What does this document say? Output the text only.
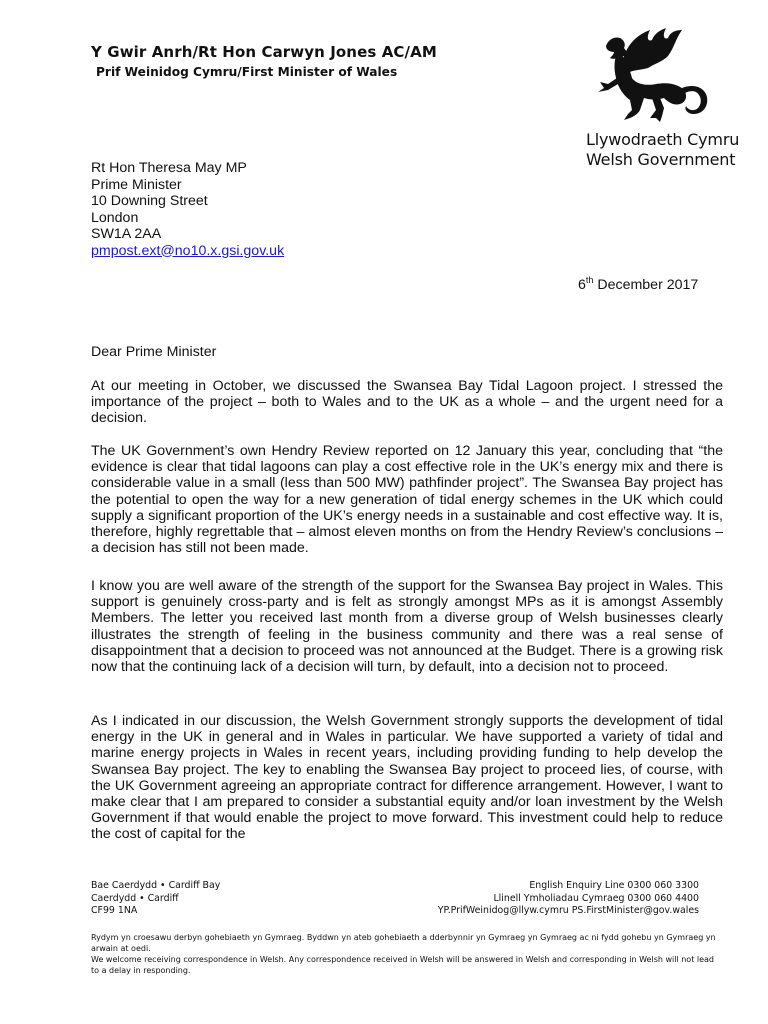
Y Gwir Anrh/Rt Hon Carwyn Jones AC/AM
Prif Weinidog Cymru/First Minister of Wales
Llywodraeth Cymru
Welsh Government
Rt Hon Theresa May MP
Prime Minister
10 Downing Street
London
SW1A 2AA
pmpost.ext@no10.x.gsi.gov.uk
6th December 2017
Dear Prime Minister
At our meeting in October, we discussed the Swansea Bay Tidal Lagoon project. I stressed the importance of the project – both to Wales and to the UK as a whole – and the urgent need for a decision.
The UK Government’s own Hendry Review reported on 12 January this year, concluding that “the evidence is clear that tidal lagoons can play a cost effective role in the UK’s energy mix and there is considerable value in a small (less than 500 MW) pathfinder project”. The Swansea Bay project has the potential to open the way for a new generation of tidal energy schemes in the UK which could supply a significant proportion of the UK’s energy needs in a sustainable and cost effective way. It is, therefore, highly regrettable that – almost eleven months on from the Hendry Review’s conclusions – a decision has still not been made.
I know you are well aware of the strength of the support for the Swansea Bay project in Wales. This support is genuinely cross-party and is felt as strongly amongst MPs as it is amongst Assembly Members. The letter you received last month from a diverse group of Welsh businesses clearly illustrates the strength of feeling in the business community and there was a real sense of disappointment that a decision to proceed was not announced at the Budget. There is a growing risk now that the continuing lack of a decision will turn, by default, into a decision not to proceed.
As I indicated in our discussion, the Welsh Government strongly supports the development of tidal energy in the UK in general and in Wales in particular. We have supported a variety of tidal and marine energy projects in Wales in recent years, including providing funding to help develop the Swansea Bay project. The key to enabling the Swansea Bay project to proceed lies, of course, with the UK Government agreeing an appropriate contract for difference arrangement. However, I want to make clear that I am prepared to consider a substantial equity and/or loan investment by the Welsh Government if that would enable the project to move forward. This investment could help to reduce the cost of capital for the
Bae Caerdydd • Cardiff Bay
Caerdydd • Cardiff
CF99 1NA
English Enquiry Line 0300 060 3300
Llinell Ymholiadau Cymraeg 0300 060 4400
YP.PrifWeinidog@llyw.cymru PS.FirstMinister@gov.wales
Rydym yn croesawu derbyn gohebiaeth yn Gymraeg. Byddwn yn ateb gohebiaeth a dderbynnir yn Gymraeg yn Gymraeg ac ni fydd gohebu yn Gymraeg yn arwain at oedi.
We welcome receiving correspondence in Welsh. Any correspondence received in Welsh will be answered in Welsh and corresponding in Welsh will not lead to a delay in responding.
